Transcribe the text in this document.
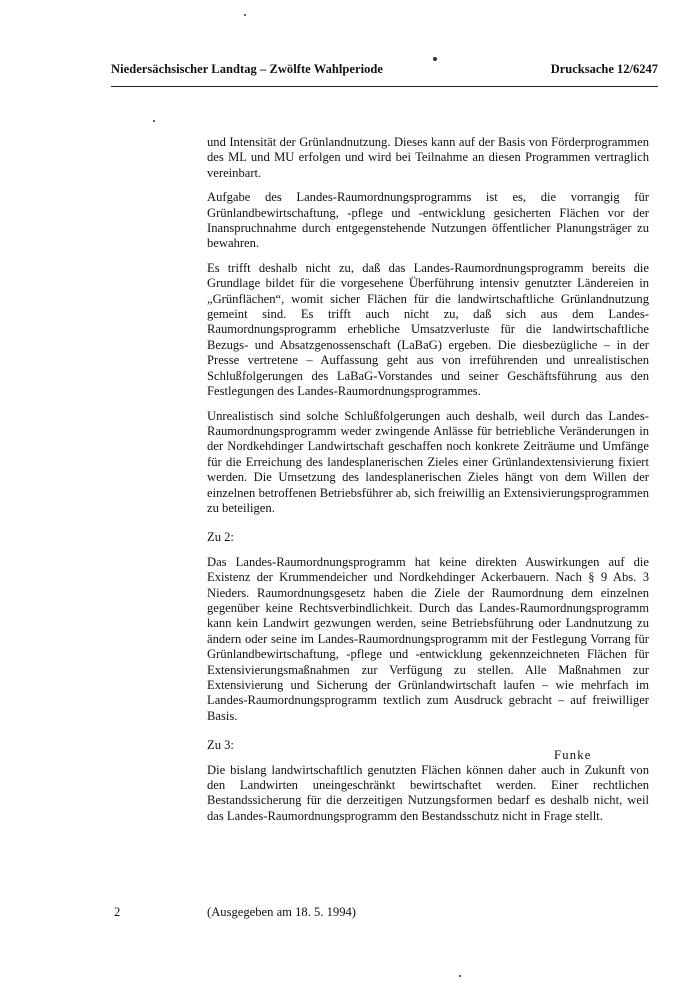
Niedersächsischer Landtag – Zwölfte Wahlperiode	Drucksache 12/6247

und Intensität der Grünlandnutzung. Dieses kann auf der Basis von Förderprogrammen des ML und MU erfolgen und wird bei Teilnahme an diesen Programmen vertraglich vereinbart.

Aufgabe des Landes-Raumordnungsprogramms ist es, die vorrangig für Grünlandbewirtschaftung, -pflege und -entwicklung gesicherten Flächen vor der Inanspruchnahme durch entgegenstehende Nutzungen öffentlicher Planungsträger zu bewahren.

Es trifft deshalb nicht zu, daß das Landes-Raumordnungsprogramm bereits die Grundlage bildet für die vorgesehene Überführung intensiv genutzter Ländereien in „Grünflächen“, womit sicher Flächen für die landwirtschaftliche Grünlandnutzung gemeint sind. Es trifft auch nicht zu, daß sich aus dem Landes-Raumordnungsprogramm erhebliche Umsatzverluste für die landwirtschaftliche Bezugs- und Absatzgenossenschaft (LaBaG) ergeben. Die diesbezügliche – in der Presse vertretene – Auffassung geht aus von irreführenden und unrealistischen Schlußfolgerungen des LaBaG-Vorstandes und seiner Geschäftsführung aus den Festlegungen des Landes-Raumordnungsprogrammes.

Unrealistisch sind solche Schlußfolgerungen auch deshalb, weil durch das Landes-Raumordnungsprogramm weder zwingende Anlässe für betriebliche Veränderungen in der Nordkehdinger Landwirtschaft geschaffen noch konkrete Zeiträume und Umfänge für die Erreichung des landesplanerischen Zieles einer Grünlandextensivierung fixiert werden. Die Umsetzung des landesplanerischen Zieles hängt von dem Willen der einzelnen betroffenen Betriebsführer ab, sich freiwillig an Extensivierungsprogrammen zu beteiligen.

Zu 2:

Das Landes-Raumordnungsprogramm hat keine direkten Auswirkungen auf die Existenz der Krummendeicher und Nordkehdinger Ackerbauern. Nach § 9 Abs. 3 Nieders. Raumordnungsgesetz haben die Ziele der Raumordnung dem einzelnen gegenüber keine Rechtsverbindlichkeit. Durch das Landes-Raumordnungsprogramm kann kein Landwirt gezwungen werden, seine Betriebsführung oder Landnutzung zu ändern oder seine im Landes-Raumordnungsprogramm mit der Festlegung Vorrang für Grünlandbewirtschaftung, -pflege und -entwicklung gekennzeichneten Flächen für Extensivierungsmaßnahmen zur Verfügung zu stellen. Alle Maßnahmen zur Extensivierung und Sicherung der Grünlandwirtschaft laufen – wie mehrfach im Landes-Raumordnungsprogramm textlich zum Ausdruck gebracht – auf freiwilliger Basis.

Zu 3:

Die bislang landwirtschaftlich genutzten Flächen können daher auch in Zukunft von den Landwirten uneingeschränkt bewirtschaftet werden. Einer rechtlichen Bestandssicherung für die derzeitigen Nutzungsformen bedarf es deshalb nicht, weil das Landes-Raumordnungsprogramm den Bestandsschutz nicht in Frage stellt.

Funke
2	(Ausgegeben am 18. 5. 1994)
